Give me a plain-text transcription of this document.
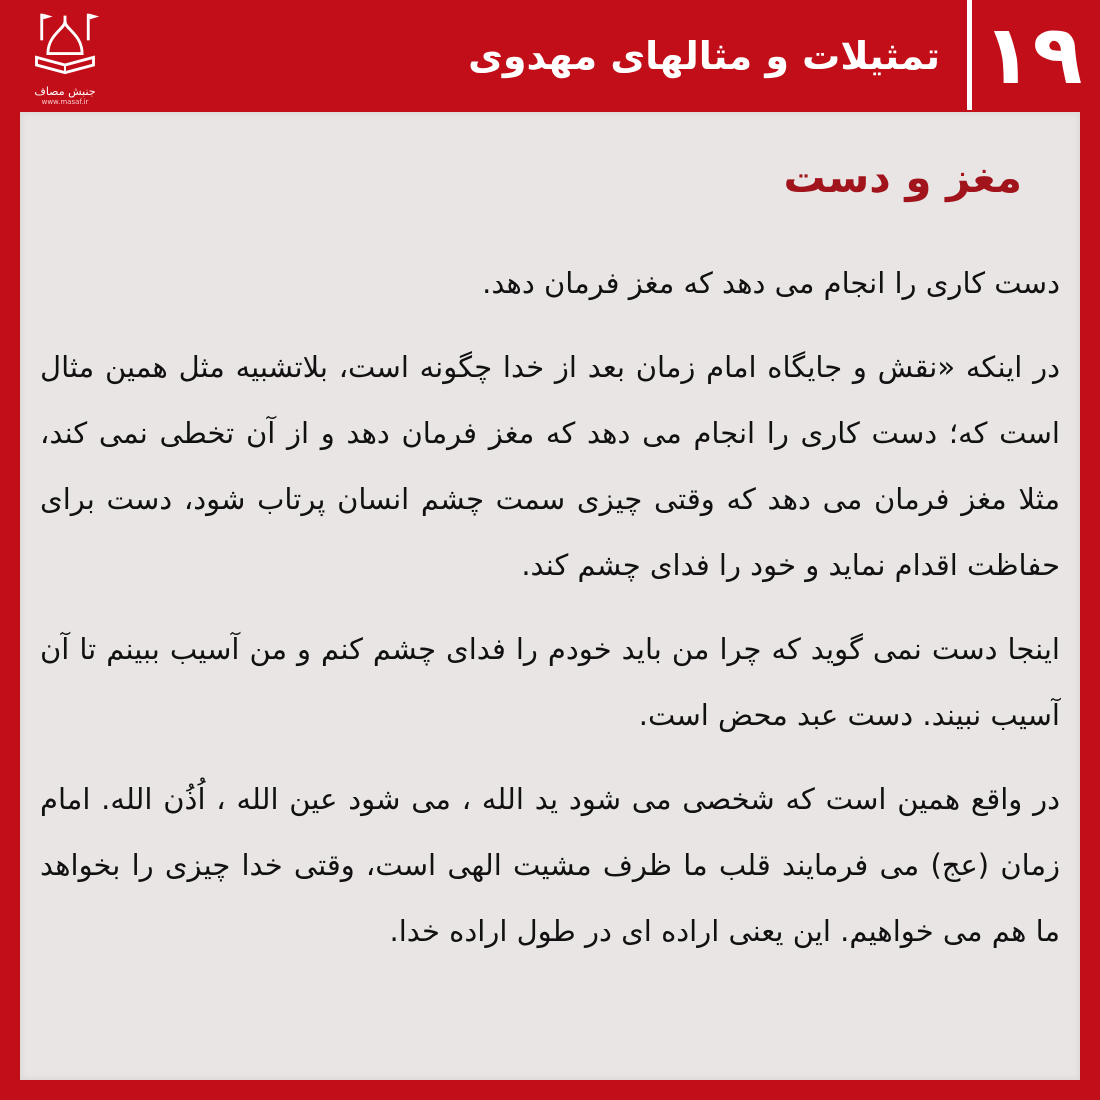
جنبش مصاف
www.masaf.ir
تمثیلات و مثالهای مهدوی ۱۹
مغز و دست

دست کاری را انجام می دهد که مغز فرمان دهد.

در اینکه «نقش و جایگاه امام زمان بعد از خدا چگونه است، بلاتشبیه مثل همین مثال است که؛ دست کاری را انجام می دهد که مغز فرمان دهد و از آن تخطی نمی کند، مثلا مغز فرمان می دهد که وقتی چیزی سمت چشم انسان پرتاب شود، دست برای حفاظت اقدام نماید و خود را فدای چشم کند.

اینجا دست نمی گوید که چرا من باید خودم را فدای چشم کنم و من آسیب ببینم تا آن آسیب نبیند. دست عبد محض است.

در واقع همین است که شخصی می شود ید الله ، می شود عین الله ، اُذُن الله. امام زمان (عج) می فرمایند قلب ما ظرف مشیت الهی است، وقتی خدا چیزی را بخواهد ما هم می خواهیم. این یعنی اراده ای در طول اراده خدا.
